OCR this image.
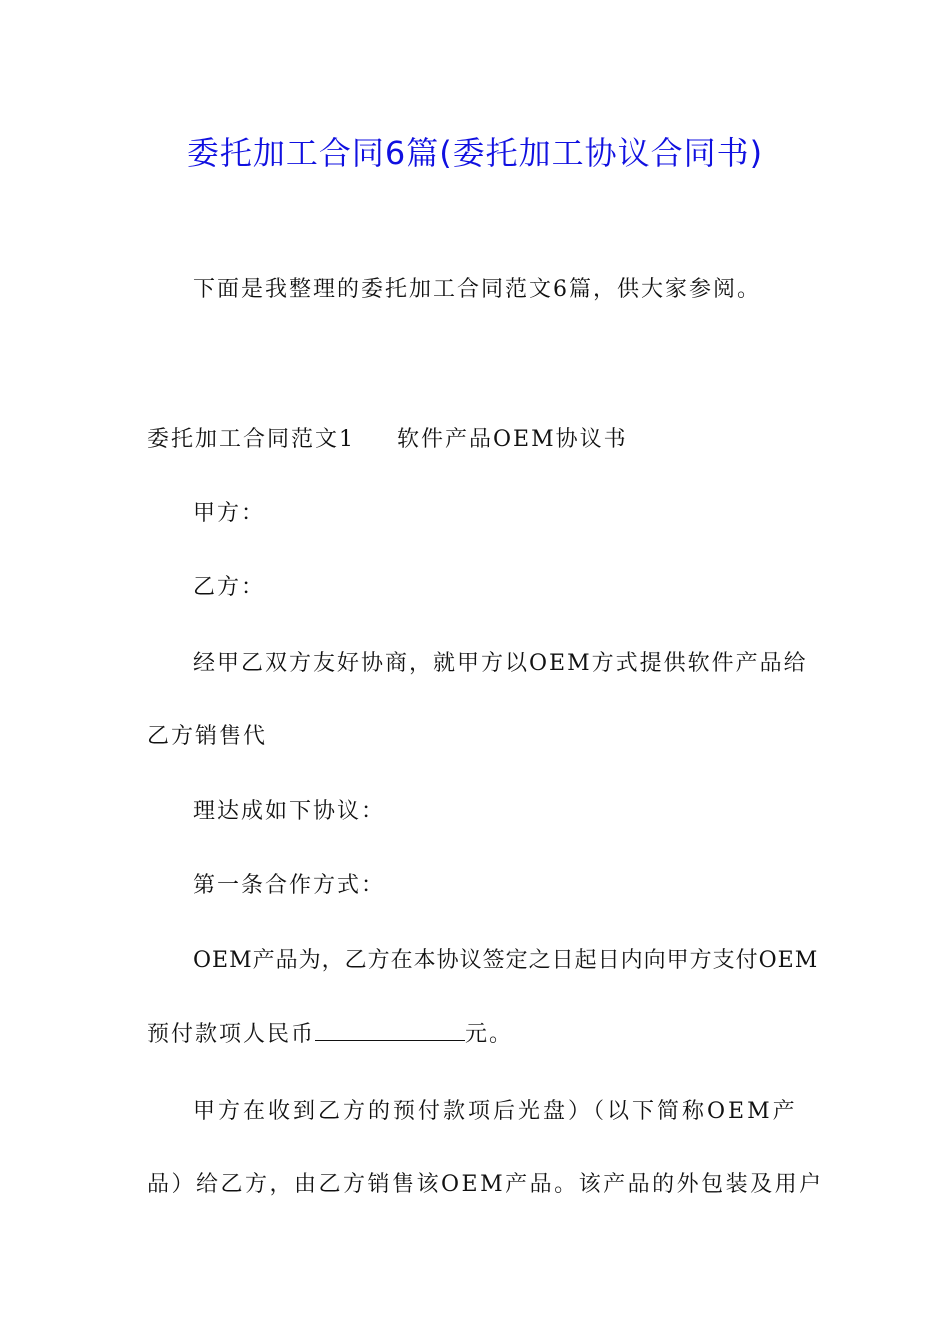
委托加工合同6篇(委托加工协议合同书)
下面是我整理的委托加工合同范文6篇，供大家参阅。
委托加工合同范文1 软件产品OEM协议书
甲方：
乙方：
经甲乙双方友好协商，就甲方以OEM方式提供软件产品给
乙方销售代
理达成如下协议：
第一条合作方式：
OEM产品为，乙方在本协议签定之日起日内向甲方支付OEM
预付款项人民币	元。
甲方在收到乙方的预付款项后光盘）（以下简称OEM产
品）给乙方，由乙方销售该OEM产品。该产品的外包装及用户
